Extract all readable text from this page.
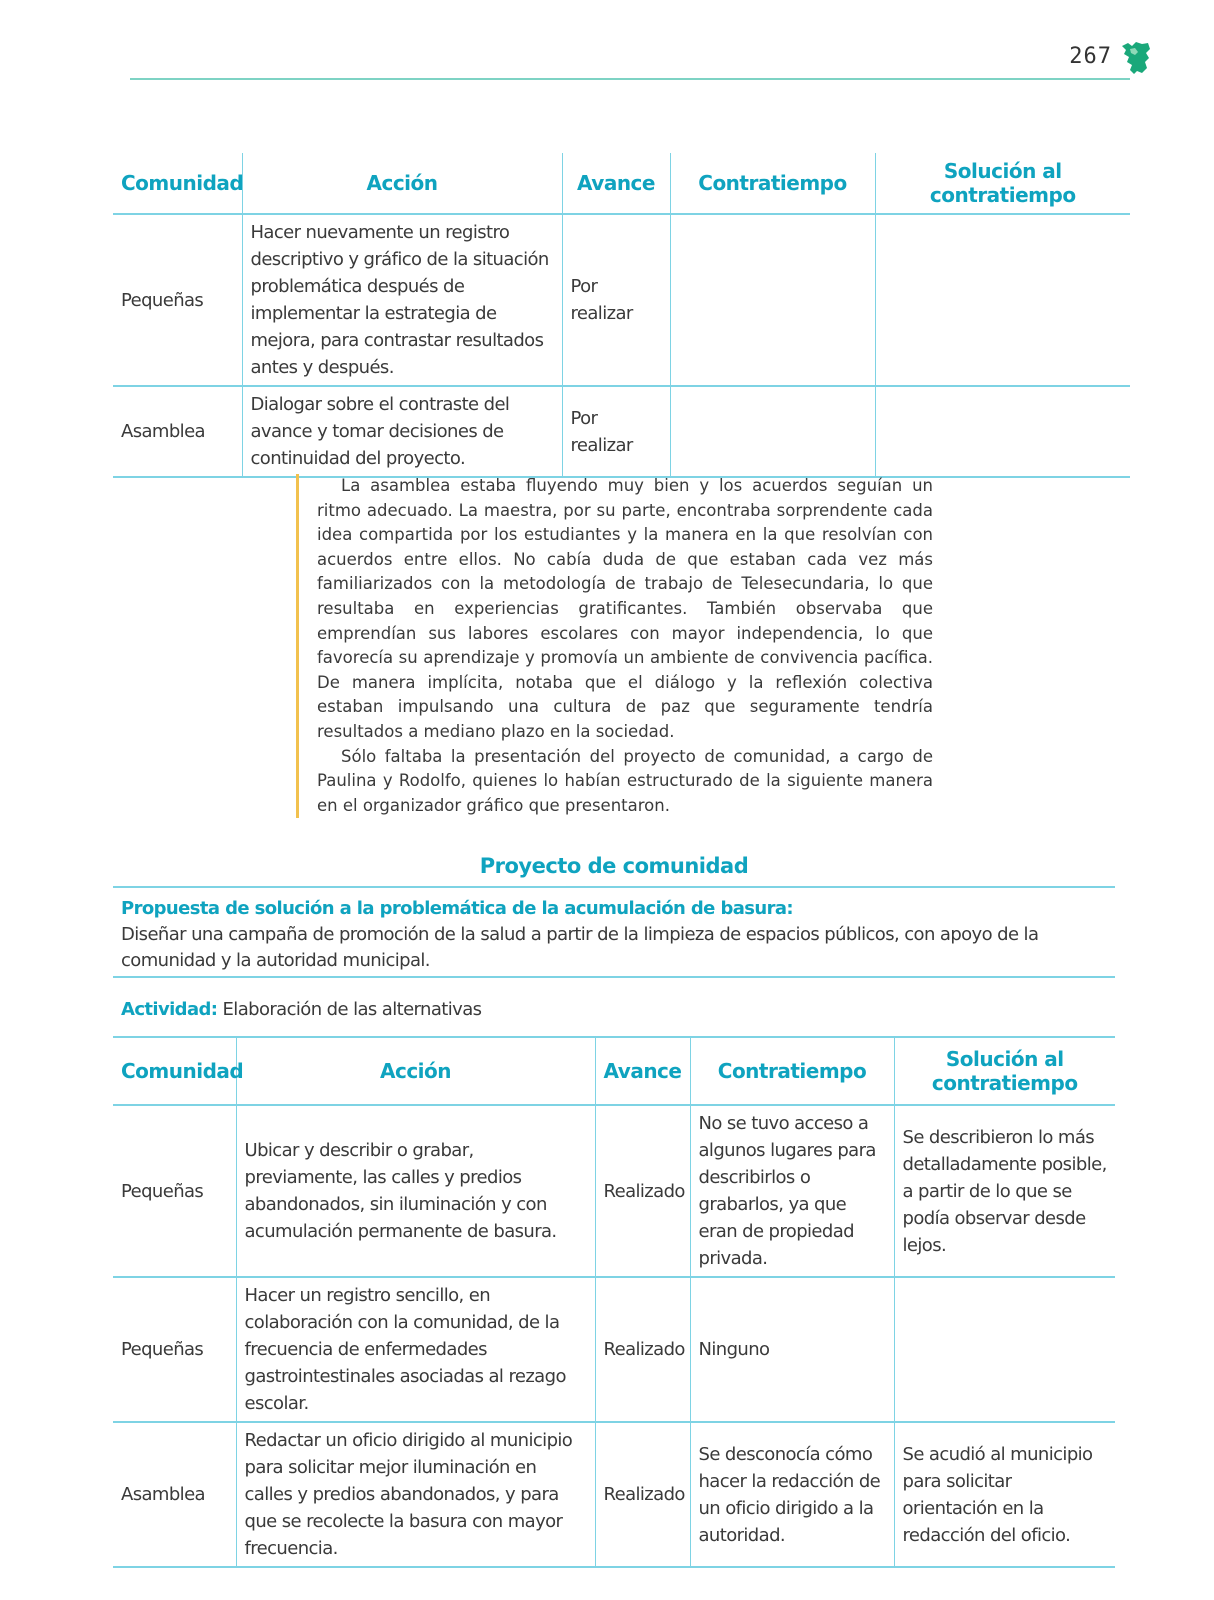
267
Comunidad	Acción	Avance	Contratiempo	Solución al contratiempo
Pequeñas	Hacer nuevamente un registro descriptivo y gráfico de la situación problemática después de implementar la estrategia de mejora, para contrastar resultados antes y después.	Por realizar		
Asamblea	Dialogar sobre el contraste del avance y tomar decisiones de continuidad del proyecto.	Por realizar		

La asamblea estaba fluyendo muy bien y los acuerdos seguían un ritmo adecuado. La maestra, por su parte, encontraba sorprendente cada idea compartida por los estudiantes y la manera en la que resolvían con acuerdos entre ellos. No cabía duda de que estaban cada vez más familiarizados con la metodología de trabajo de Telesecundaria, lo que resultaba en experiencias gratificantes. También observaba que emprendían sus labores escolares con mayor independencia, lo que favorecía su aprendizaje y promovía un ambiente de convivencia pacífica. De manera implícita, notaba que el diálogo y la reflexión colectiva estaban impulsando una cultura de paz que seguramente tendría resultados a mediano plazo en la sociedad.

Sólo faltaba la presentación del proyecto de comunidad, a cargo de Paulina y Rodolfo, quienes lo habían estructurado de la siguiente manera en el organizador gráfico que presentaron.

Proyecto de comunidad
Propuesta de solución a la problemática de la acumulación de basura:
Diseñar una campaña de promoción de la salud a partir de la limpieza de espacios públicos, con apoyo de la comunidad y la autoridad municipal.
Actividad: Elaboración de las alternativas
Comunidad	Acción	Avance	Contratiempo	Solución al contratiempo
Pequeñas	Ubicar y describir o grabar, previamente, las calles y predios abandonados, sin iluminación y con acumulación permanente de basura.	Realizado	No se tuvo acceso a algunos lugares para describirlos o grabarlos, ya que eran de propiedad privada.	Se describieron lo más detalladamente posible, a partir de lo que se podía observar desde lejos.
Pequeñas	Hacer un registro sencillo, en colaboración con la comunidad, de la frecuencia de enfermedades gastrointestinales asociadas al rezago escolar.	Realizado	Ninguno	
Asamblea	Redactar un oficio dirigido al municipio para solicitar mejor iluminación en calles y predios abandonados, y para que se recolecte la basura con mayor frecuencia.	Realizado	Se desconocía cómo hacer la redacción de un oficio dirigido a la autoridad.	Se acudió al municipio para solicitar orientación en la redacción del oficio.
